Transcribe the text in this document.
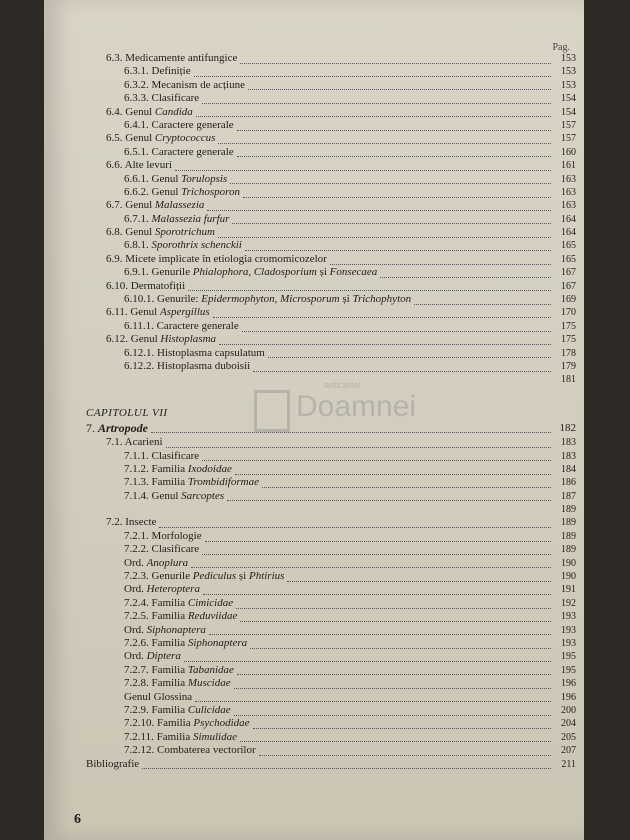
Pag.
6.3. Medicamente antifungice	153
6.3.1. Definiție	153
6.3.2. Mecanism de acțiune	153
6.3.3. Clasificare	154
6.4. Genul Candida	154
6.4.1. Caractere generale	157
6.5. Genul Cryptococcus	157
6.5.1. Caractere generale	160
6.6. Alte levuri	161
6.6.1. Genul Torulopsis	163
6.6.2. Genul Trichosporon	163
6.7. Genul Malassezia	163
6.7.1. Malassezia furfur	164
6.8. Genul Sporotrichum	164
6.8.1. Sporothrix schenckii	165
6.9. Micete implicate în etiologia cromomicozelor	165
6.9.1. Genurile Phialophora, Cladosporium și Fonsecaea	167
6.10. Dermatofiții	167
6.10.1. Genurile: Epidermophyton, Microsporum și Trichophyton	169
6.11. Genul Aspergillus	170
6.11.1. Caractere generale	175
6.12. Genul Histoplasma	175
6.12.1. Histoplasma capsulatum	178
6.12.2. Histoplasma duboisii	179
181
CAPITOLUL VII
7. Artropode	182
7.1. Acarieni	183
7.1.1. Clasificare	183
7.1.2. Familia Ixodoidae	184
7.1.3. Familia Trombidiformae	186
7.1.4. Genul Sarcoptes	187
189
7.2. Insecte	189
7.2.1. Morfologie	189
7.2.2. Clasificare	189
Ord. Anoplura	190
7.2.3. Genurile Pediculus și Phtirius	190
Ord. Heteroptera	191
7.2.4. Familia Cimicidae	192
7.2.5. Familia Reduviidae	193
Ord. Siphonaptera	193
7.2.6. Familia Siphonaptera	193
Ord. Diptera	195
7.2.7. Familia Tabanidae	195
7.2.8. Familia Muscidae	196
Genul Glossina	196
7.2.9. Familia Culicidae	200
7.2.10. Familia Psychodidae	204
7.2.11. Familia Simulidae	205
7.2.12. Combaterea vectorilor	207
Bibliografie	211
anticariat
Doamnei
6
